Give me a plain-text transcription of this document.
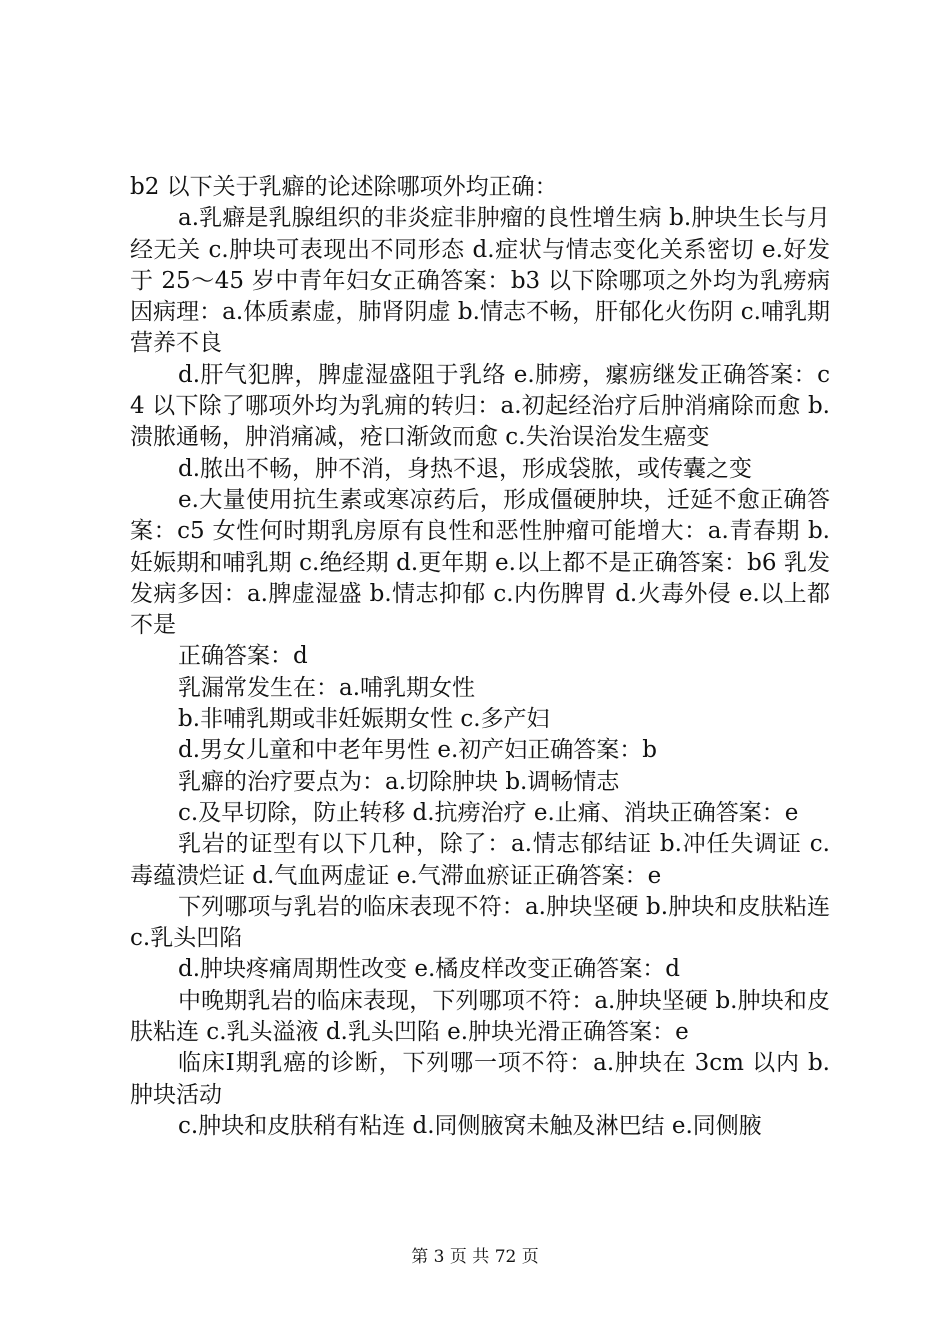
b2 以下关于乳癖的论述除哪项外均正确：

a.乳癖是乳腺组织的非炎症非肿瘤的良性增生病 b.肿块生长与月经无关 c.肿块可表现出不同形态 d.症状与情志变化关系密切 e.好发于 25～45 岁中青年妇女正确答案：b3 以下除哪项之外均为乳痨病因病理：a.体质素虚，肺肾阴虚 b.情志不畅，肝郁化火伤阴 c.哺乳期营养不良

d.肝气犯脾，脾虚湿盛阻于乳络 e.肺痨，瘰疬继发正确答案：c4 以下除了哪项外均为乳痈的转归：a.初起经治疗后肿消痛除而愈 b.溃脓通畅，肿消痛减，疮口渐敛而愈 c.失治误治发生癌变

d.脓出不畅，肿不消，身热不退，形成袋脓，或传囊之变

e.大量使用抗生素或寒凉药后，形成僵硬肿块，迁延不愈正确答案：c5 女性何时期乳房原有良性和恶性肿瘤可能增大：a.青春期 b.妊娠期和哺乳期 c.绝经期 d.更年期 e.以上都不是正确答案：b6 乳发发病多因：a.脾虚湿盛 b.情志抑郁 c.内伤脾胃 d.火毒外侵 e.以上都不是

正确答案：d

乳漏常发生在：a.哺乳期女性

b.非哺乳期或非妊娠期女性 c.多产妇

d.男女儿童和中老年男性 e.初产妇正确答案：b

乳癖的治疗要点为：a.切除肿块 b.调畅情志

c.及早切除，防止转移 d.抗痨治疗 e.止痛、消块正确答案：e

乳岩的证型有以下几种，除了：a.情志郁结证 b.冲任失调证 c.毒蕴溃烂证 d.气血两虚证 e.气滞血瘀证正确答案：e

下列哪项与乳岩的临床表现不符：a.肿块坚硬 b.肿块和皮肤粘连 c.乳头凹陷

d.肿块疼痛周期性改变 e.橘皮样改变正确答案：d

中晚期乳岩的临床表现，下列哪项不符：a.肿块坚硬 b.肿块和皮肤粘连 c.乳头溢液 d.乳头凹陷 e.肿块光滑正确答案：e

临床Ⅰ期乳癌的诊断，下列哪一项不符：a.肿块在 3cm 以内 b.肿块活动

c.肿块和皮肤稍有粘连 d.同侧腋窝未触及淋巴结 e.同侧腋

第 3 页 共 72 页
